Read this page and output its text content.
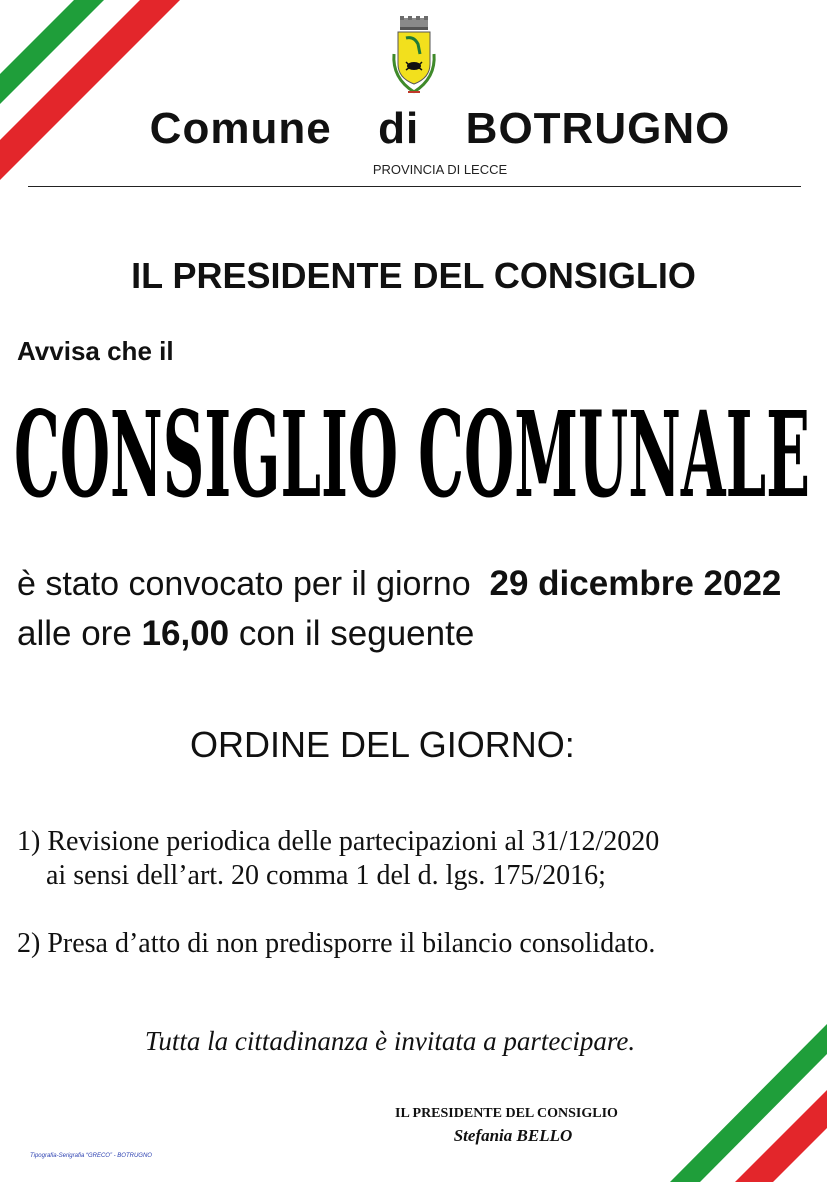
Comune  di  BOTRUGNO
PROVINCIA DI LECCE
IL PRESIDENTE DEL CONSIGLIO
Avvisa che il
CONSIGLIO COMUNALE
è stato convocato per il giorno 29 dicembre 2022
alle ore 16,00 con il seguente
ORDINE DEL GIORNO:
1) Revisione periodica delle partecipazioni al 31/12/2020
ai sensi dell’art. 20 comma 1 del d. lgs. 175/2016;
2) Presa d’atto di non predisporre il bilancio consolidato.
Tutta la cittadinanza è invitata a partecipare.
IL PRESIDENTE DEL CONSIGLIO
Stefania BELLO
Tipografia-Serigrafia “GRECO” - BOTRUGNO
